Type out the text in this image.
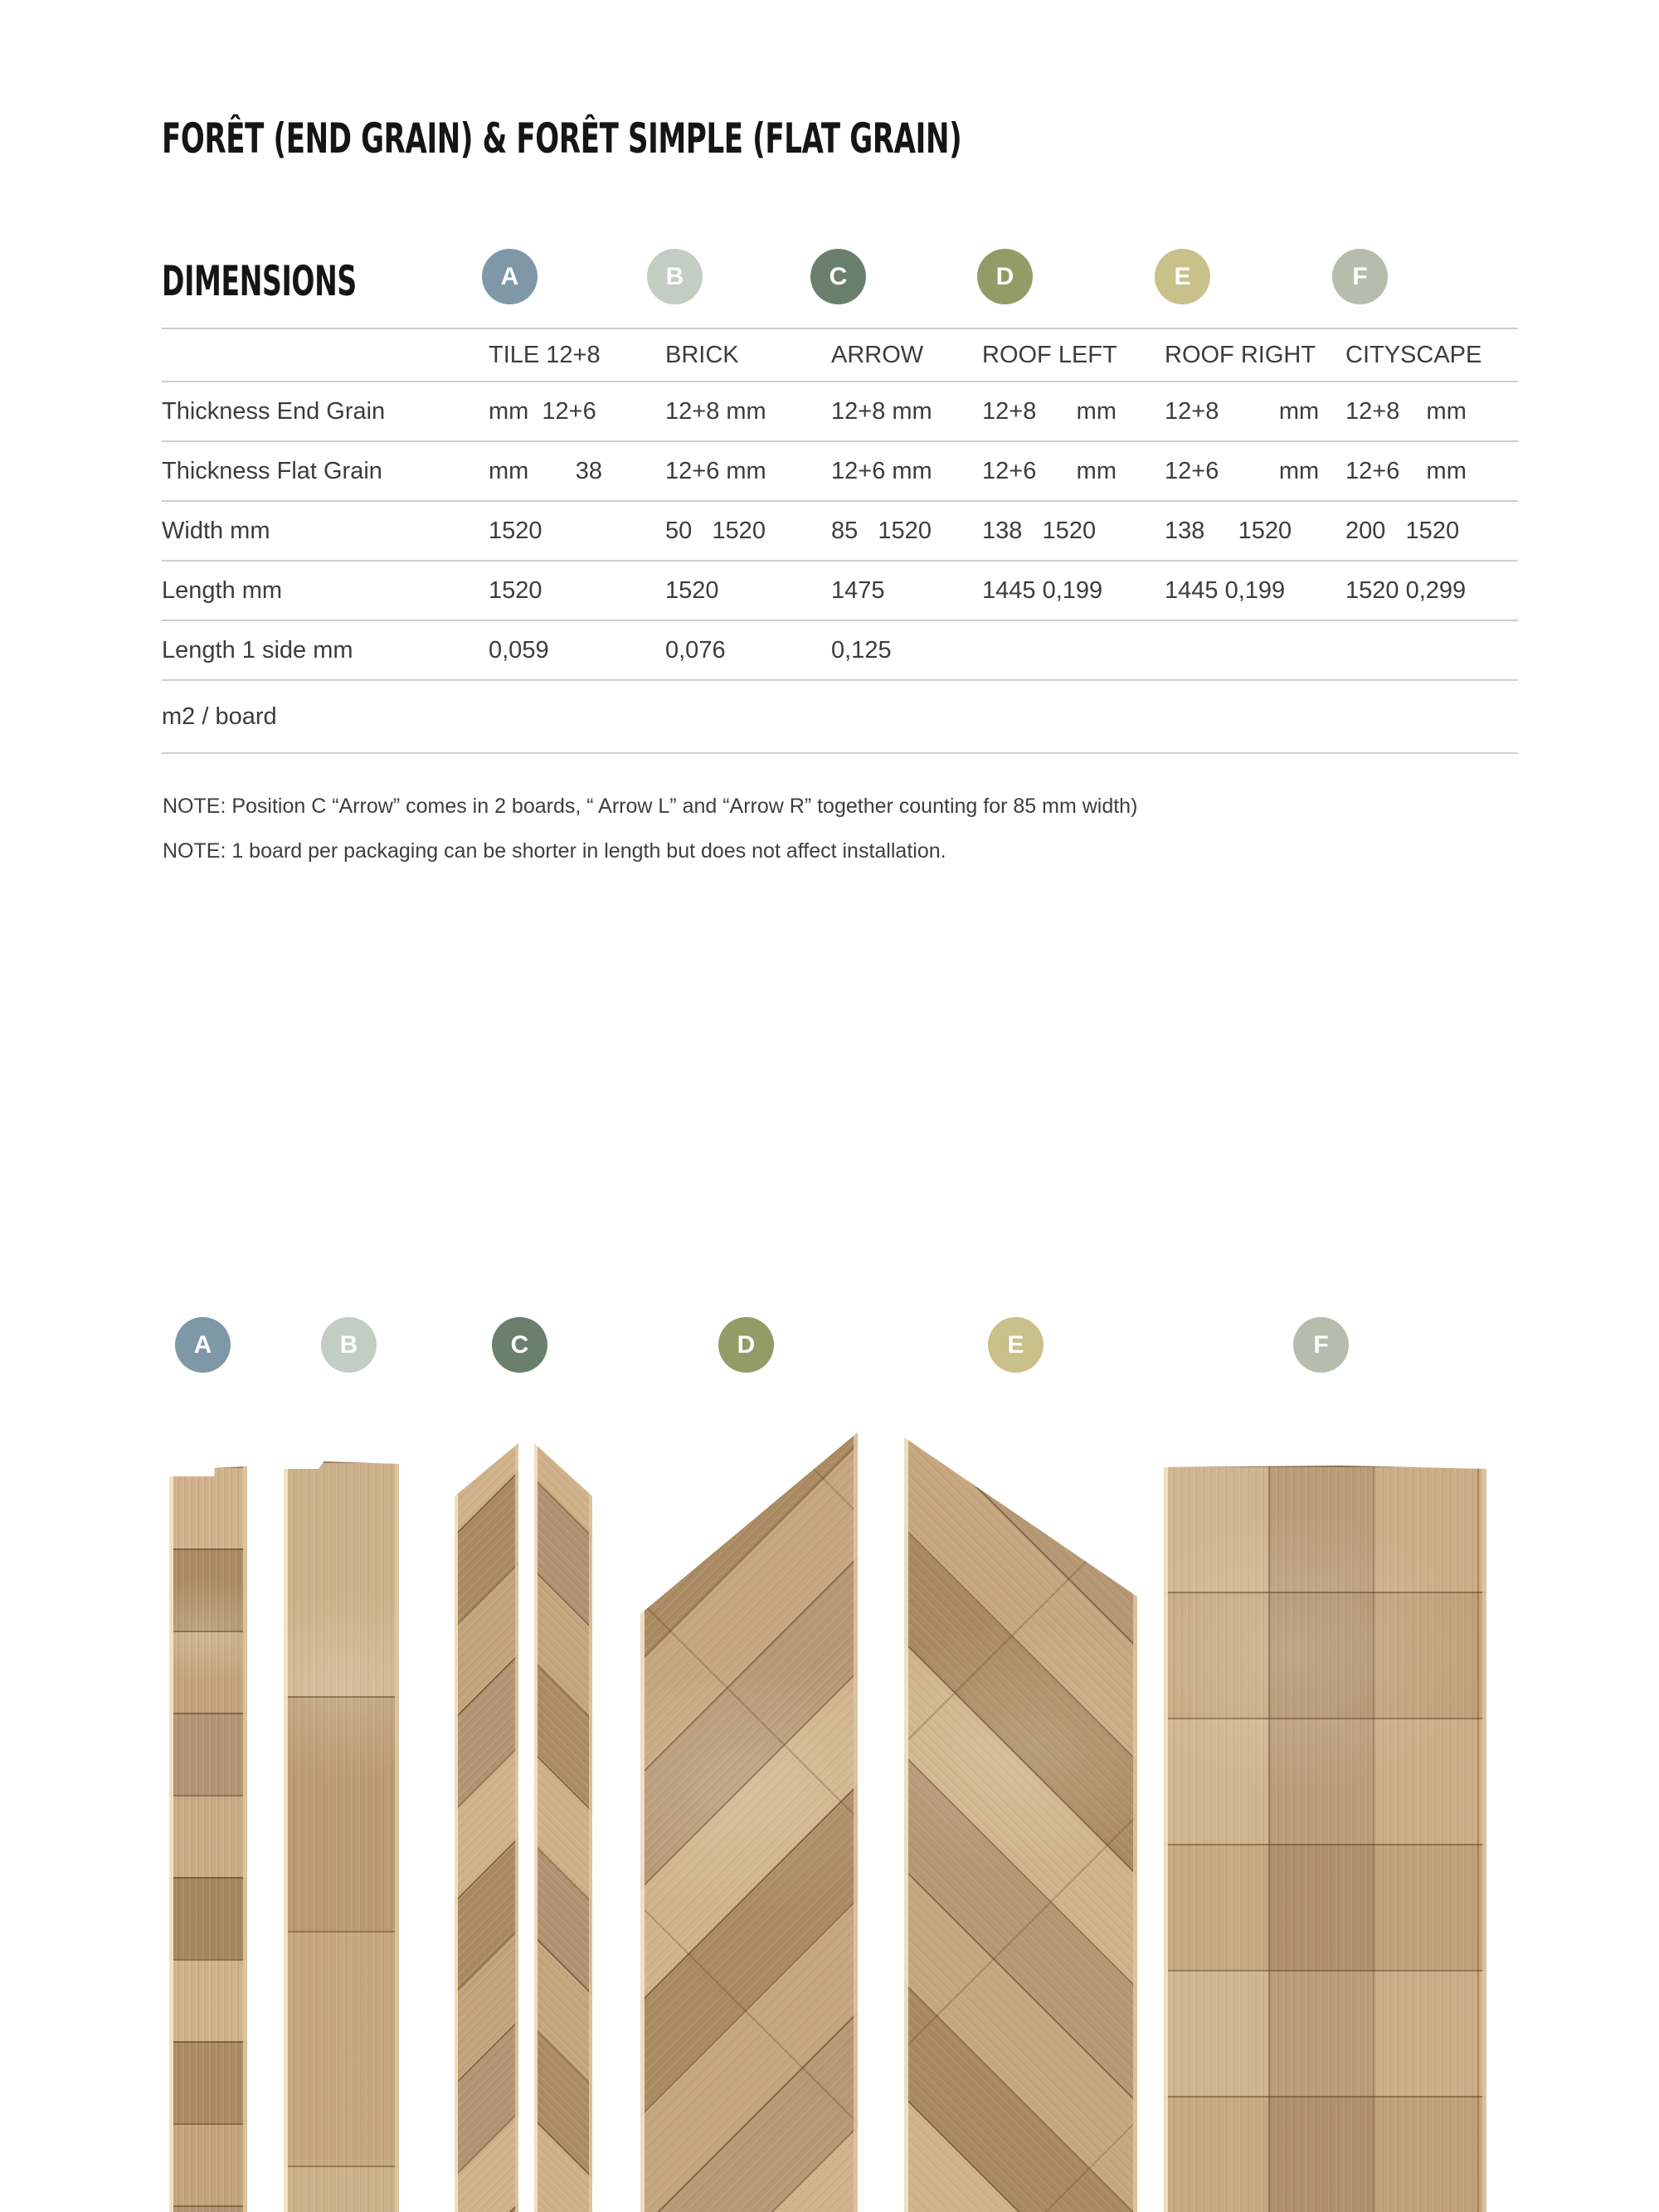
FORÊT (END GRAIN) & FORÊT SIMPLE (FLAT GRAIN)
DIMENSIONS	A	B	C	D	E	F
TILE 12+8	BRICK	ARROW	ROOF LEFT	ROOF RIGHT	CITYSCAPE
Thickness End Grain	mm  12+6	12+8 mm	12+8 mm	12+8      mm	12+8         mm	12+8    mm
Thickness Flat Grain	mm       38	12+6 mm	12+6 mm	12+6      mm	12+6         mm	12+6    mm
Width mm	1520	50   1520	85   1520	138   1520	138     1520	200   1520
Length mm	1520	1520	1475	1445 0,199	1445 0,199	1520 0,299
Length 1 side mm	0,059	0,076	0,125
m2 / board
NOTE: Position C “Arrow” comes in 2 boards, “ Arrow L” and “Arrow R” together counting for 85 mm width)
NOTE: 1 board per packaging can be shorter in length but does not affect installation.
A	B	C	D	E	F
